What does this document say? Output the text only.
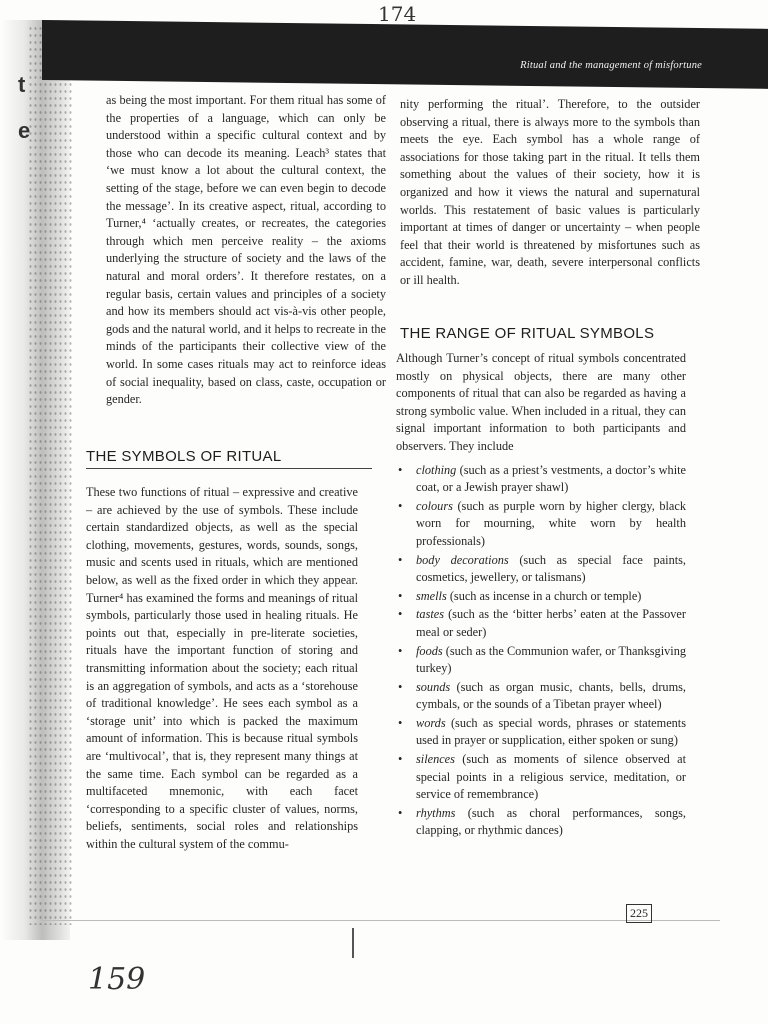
t
e
174
Ritual and the management of misfortune

as being the most important. For them ritual has some of the properties of a language, which can only be understood within a specific cultural context and by those who can decode its meaning. Leach³ states that ‘we must know a lot about the cultural context, the setting of the stage, before we can even begin to decode the message’. In its creative aspect, ritual, according to Turner,⁴ ‘actually creates, or recreates, the categories through which men perceive reality – the axioms underlying the structure of society and the laws of the natural and moral orders’. It therefore restates, on a regular basis, certain values and principles of a society and how its members should act vis-à-vis other people, gods and the natural world, and it helps to recreate in the minds of the participants their collective view of the world. In some cases rituals may act to reinforce ideas of social inequality, based on class, caste, occupation or gender.

THE SYMBOLS OF RITUAL

These two functions of ritual – expressive and creative – are achieved by the use of symbols. These include certain standardized objects, as well as the special clothing, movements, gestures, words, sounds, songs, music and scents used in rituals, which are mentioned below, as well as the fixed order in which they appear. Turner⁴ has examined the forms and meanings of ritual symbols, particularly those used in healing rituals. He points out that, especially in pre-literate societies, rituals have the important function of storing and transmitting information about the society; each ritual is an aggregation of symbols, and acts as a ‘storehouse of traditional knowledge’. He sees each symbol as a ‘storage unit’ into which is packed the maximum amount of information. This is because ritual symbols are ‘multivocal’, that is, they represent many things at the same time. Each symbol can be regarded as a multifaceted mnemonic, with each facet ‘corresponding to a specific cluster of values, norms, beliefs, sentiments, social roles and relationships within the cultural system of the commu-

nity performing the ritual’. Therefore, to the outsider observing a ritual, there is always more to the symbols than meets the eye. Each symbol has a whole range of associations for those taking part in the ritual. It tells them something about the values of their society, how it is organized and how it views the natural and supernatural worlds. This restatement of basic values is particularly important at times of danger or uncertainty – when people feel that their world is threatened by misfortunes such as accident, famine, war, death, severe interpersonal conflicts or ill health.

THE RANGE OF RITUAL SYMBOLS

Although Turner’s concept of ritual symbols concentrated mostly on physical objects, there are many other components of ritual that can also be regarded as having a strong symbolic value. When included in a ritual, they can signal important information to both participants and observers. They include

• clothing (such as a priest’s vestments, a doctor’s white coat, or a Jewish prayer shawl)
• colours (such as purple worn by higher clergy, black worn for mourning, white worn by health professionals)
• body decorations (such as special face paints, cosmetics, jewellery, or talismans)
• smells (such as incense in a church or temple)
• tastes (such as the ‘bitter herbs’ eaten at the Passover meal or seder)
• foods (such as the Communion wafer, or Thanksgiving turkey)
• sounds (such as organ music, chants, bells, drums, cymbals, or the sounds of a Tibetan prayer wheel)
• words (such as special words, phrases or statements used in prayer or supplication, either spoken or sung)
• silences (such as moments of silence observed at special points in a religious service, meditation, or service of remembrance)
• rhythms (such as choral performances, songs, clapping, or rhythmic dances)
225
159
